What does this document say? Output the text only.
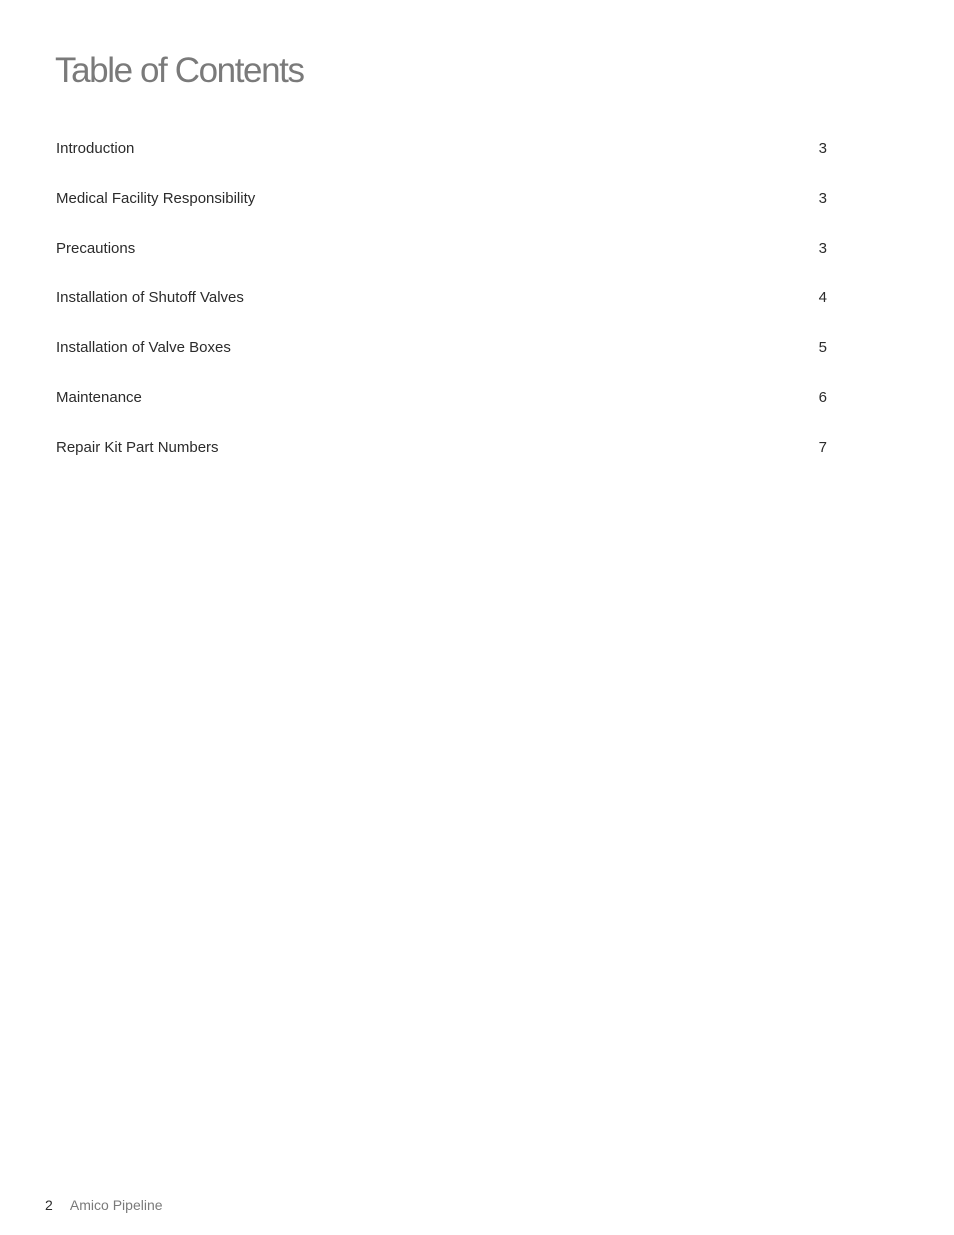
Table of Contents
Introduction	3
Medical Facility Responsibility	3
Precautions	3
Installation of Shutoff Valves	4
Installation of Valve Boxes	5
Maintenance	6
Repair Kit Part Numbers	7
2 Amico Pipeline
